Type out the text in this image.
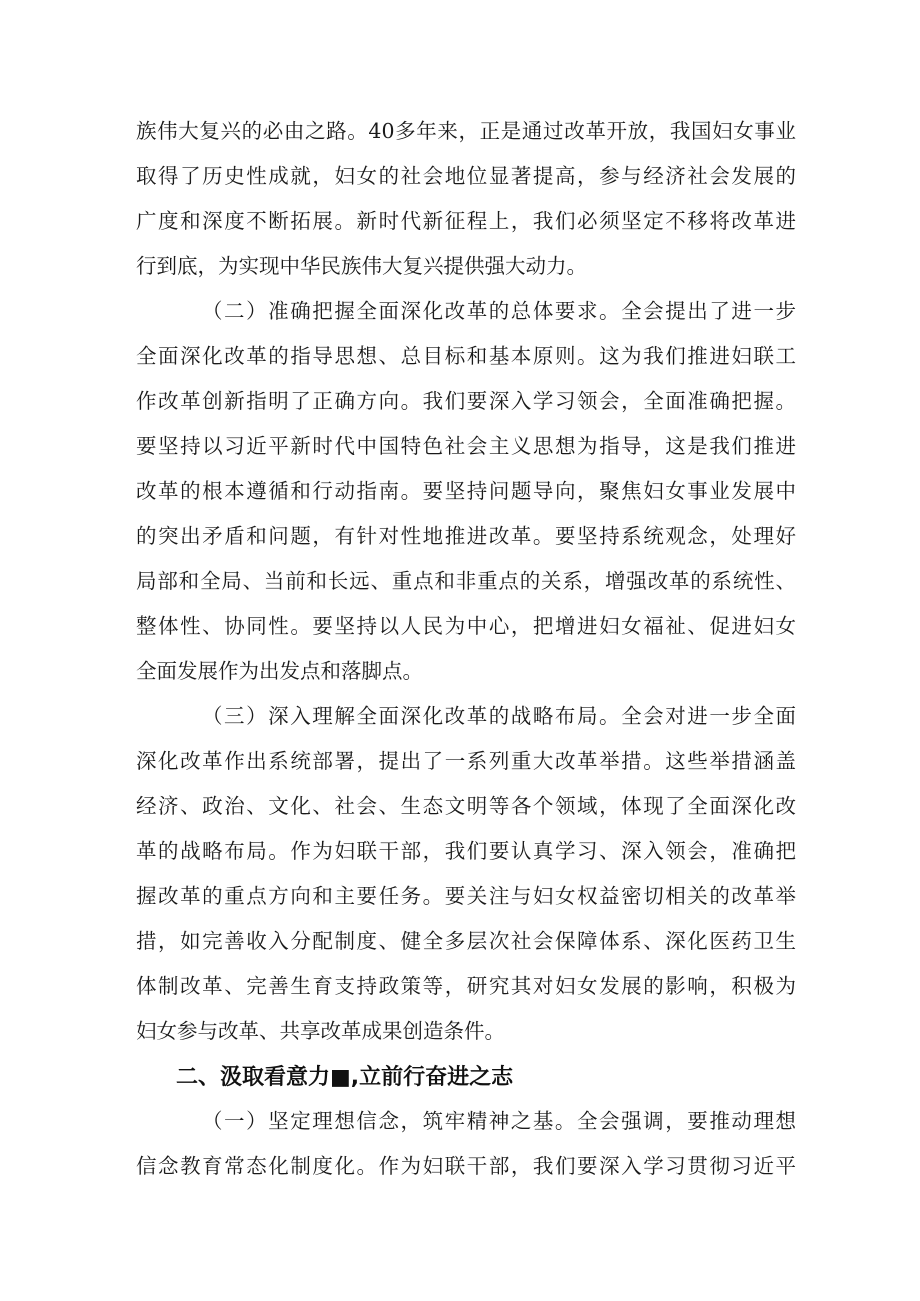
族伟大复兴的必由之路。40多年来，正是通过改革开放，我国妇女事业

取得了历史性成就，妇女的社会地位显著提高，参与经济社会发展的

广度和深度不断拓展。新时代新征程上，我们必须坚定不移将改革进

行到底，为实现中华民族伟大复兴提供强大动力。

（二）准确把握全面深化改革的总体要求。全会提出了进一步

全面深化改革的指导思想、总目标和基本原则。这为我们推进妇联工

作改革创新指明了正确方向。我们要深入学习领会，全面准确把握。

要坚持以习近平新时代中国特色社会主义思想为指导，这是我们推进

改革的根本遵循和行动指南。要坚持问题导向，聚焦妇女事业发展中

的突出矛盾和问题，有针对性地推进改革。要坚持系统观念，处理好

局部和全局、当前和长远、重点和非重点的关系，增强改革的系统性、

整体性、协同性。要坚持以人民为中心，把增进妇女福祉、促进妇女

全面发展作为出发点和落脚点。

（三）深入理解全面深化改革的战略布局。全会对进一步全面

深化改革作出系统部署，提出了一系列重大改革举措。这些举措涵盖

经济、政治、文化、社会、生态文明等各个领域，体现了全面深化改

革的战略布局。作为妇联干部，我们要认真学习、深入领会，准确把

握改革的重点方向和主要任务。要关注与妇女权益密切相关的改革举

措，如完善收入分配制度、健全多层次社会保障体系、深化医药卫生

体制改革、完善生育支持政策等，研究其对妇女发展的影响，积极为

妇女参与改革、共享改革成果创造条件。

二、汲取看意力■,立前行奋进之志

（一）坚定理想信念，筑牢精神之基。全会强调，要推动理想

信念教育常态化制度化。作为妇联干部，我们要深入学习贯彻习近平
